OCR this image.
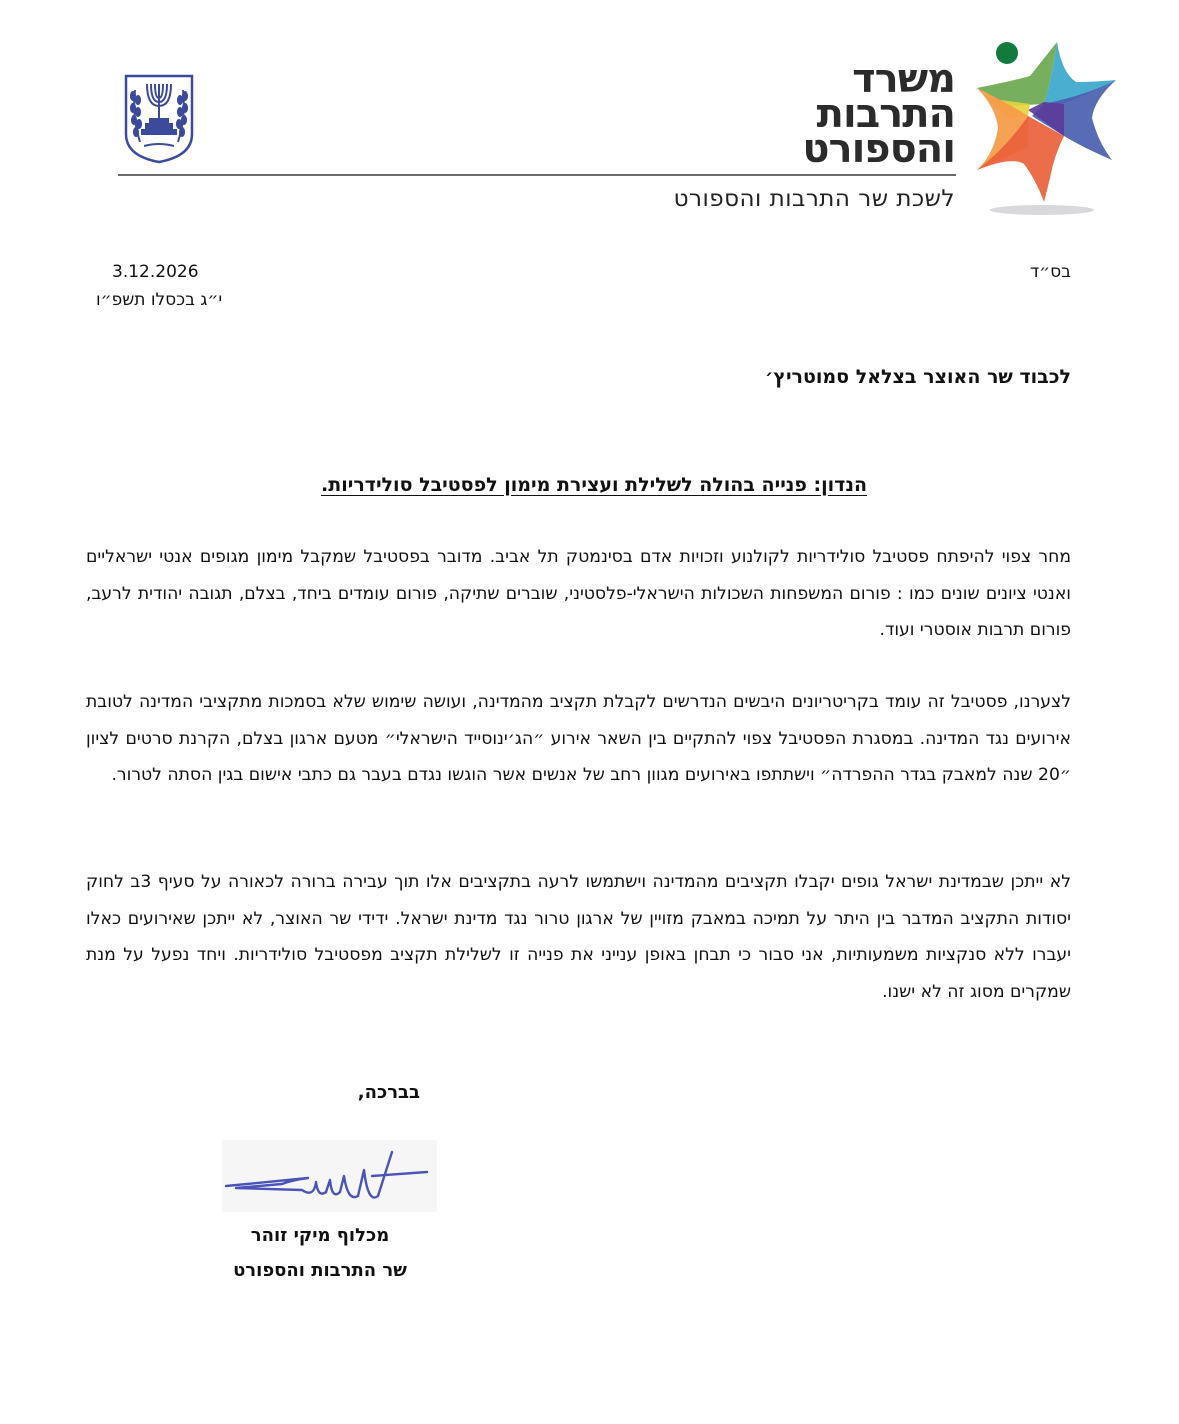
משרד
התרבות
והספורט
לשכת שר התרבות והספורט
בס״ד
3.12.2026
י״ג בכסלו תשפ״ו
לכבוד שר האוצר בצלאל סמוטריץ׳
הנדון: פנייה בהולה לשלילת ועצירת מימון לפסטיבל סולידריות.
מחר צפוי להיפתח פסטיבל סולידריות לקולנוע וזכויות אדם בסינמטק תל אביב. מדובר בפסטיבל שמקבל מימון מגופים אנטי ישראליים ואנטי ציונים שונים כמו : פורום המשפחות השכולות הישראלי-פלסטיני, שוברים שתיקה, פורום עומדים ביחד, בצלם, תגובה יהודית לרעב, פורום תרבות אוסטרי ועוד.
לצערנו, פסטיבל זה עומד בקריטריונים היבשים הנדרשים לקבלת תקציב מהמדינה, ועושה שימוש שלא בסמכות מתקציבי המדינה לטובת אירועים נגד המדינה. במסגרת הפסטיבל צפוי להתקיים בין השאר אירוע ״הג׳ינוסייד הישראלי״ מטעם ארגון בצלם, הקרנת סרטים לציון ״20 שנה למאבק בגדר ההפרדה״ וישתתפו באירועים מגוון רחב של אנשים אשר הוגשו נגדם בעבר גם כתבי אישום בגין הסתה לטרור.
לא ייתכן שבמדינת ישראל גופים יקבלו תקציבים מהמדינה וישתמשו לרעה בתקציבים אלו תוך עבירה ברורה לכאורה על סעיף 3ב לחוק יסודות התקציב המדבר בין היתר על תמיכה במאבק מזויין של ארגון טרור נגד מדינת ישראל. ידידי שר האוצר, לא ייתכן שאירועים כאלו יעברו ללא סנקציות משמעותיות, אני סבור כי תבחן באופן ענייני את פנייה זו לשלילת תקציב מפסטיבל סולידריות. ויחד נפעל על מנת שמקרים מסוג זה לא ישנו.
בברכה,
מכלוף מיקי זוהר
שר התרבות והספורט
